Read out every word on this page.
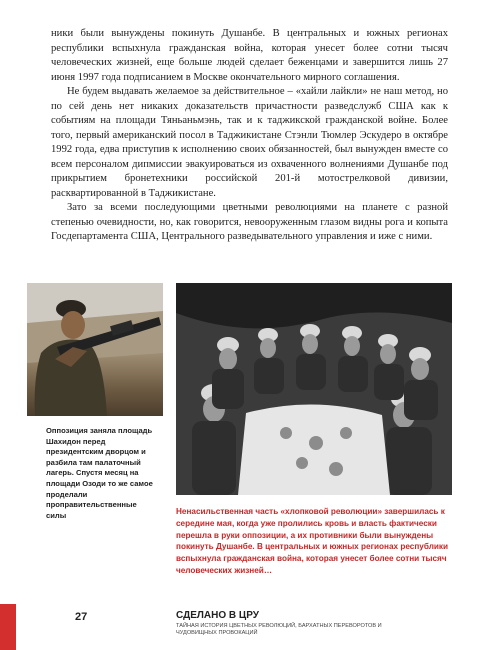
ники были вынуждены покинуть Душанбе. В центральных и южных регионах республики вспыхнула гражданская война, которая унесет более сотни тысяч человеческих жизней, еще больше людей сделает беженцами и завершится лишь 27 июня 1997 года подписанием в Москве окончательного мирного соглашения.

Не будем выдавать желаемое за действительное – «хайли лайкли» не наш метод, но по сей день нет никаких доказательств причастности разведслужб США как к событиям на площади Тяньаньмэнь, так и к таджикской гражданской войне. Более того, первый американский посол в Таджикистане Стэнли Тюмлер Эскудеро в октябре 1992 года, едва приступив к исполнению своих обязанностей, был вынужден вместе со всем персоналом дипмиссии эвакуироваться из охваченного волнениями Душанбе под прикрытием бронетехники российской 201-й мотострелковой дивизии, расквартированной в Таджикистане.

Зато за всеми последующими цветными революциями на планете с разной степенью очевидности, но, как говорится, невооруженным глазом видны рога и копыта Госдепартамента США, Центрального разведывательного управления и иже с ними.

Оппозиция заняла площадь Шахидон перед президентским дворцом и разбила там палаточный лагерь. Спустя месяц на площади Озоди то же самое проделали проправительственные силы	Ненасильственная часть «хлопковой революции» завершилась к середине мая, когда уже пролились кровь и власть фактически перешла в руки оппозиции, а их противники были вынуждены покинуть Душанбе. В центральных и южных регионах республики вспыхнула гражданская война, которая унесет более сотни тысяч человеческих жизней…
27	СДЕЛАНО В ЦРУ
ТАЙНАЯ ИСТОРИЯ ЦВЕТНЫХ РЕВОЛЮЦИЙ, БАРХАТНЫХ ПЕРЕВОРОТОВ И ЧУДОВИЩНЫХ ПРОВОКАЦИЙ
